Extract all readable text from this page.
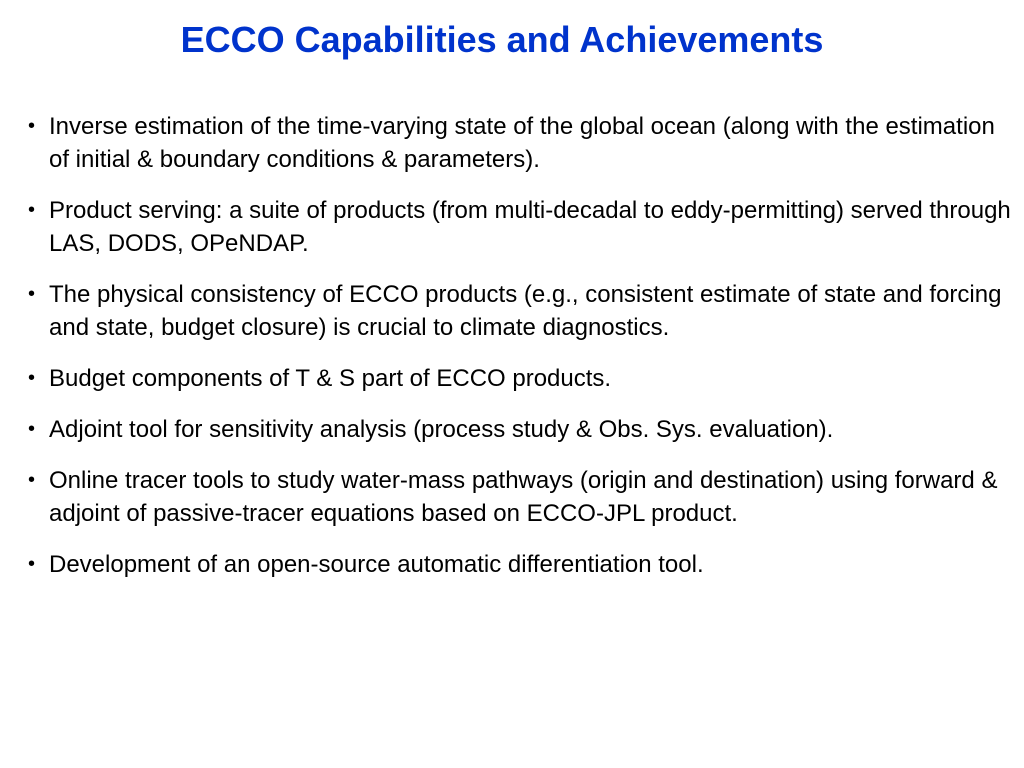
ECCO Capabilities and Achievements
• Inverse estimation of the time-varying state of the global ocean (along with the estimation of initial & boundary conditions & parameters).
• Product serving: a suite of products (from multi-decadal to eddy-permitting) served through LAS, DODS, OPeNDAP.
• The physical consistency of ECCO products (e.g., consistent estimate of state and forcing and state, budget closure) is crucial to climate diagnostics.
• Budget components of T & S part of ECCO products.
• Adjoint tool for sensitivity analysis (process study & Obs. Sys. evaluation).
• Online tracer tools to study water-mass pathways (origin and destination) using forward & adjoint of passive-tracer equations based on ECCO-JPL product.
• Development of an open-source automatic differentiation tool.
